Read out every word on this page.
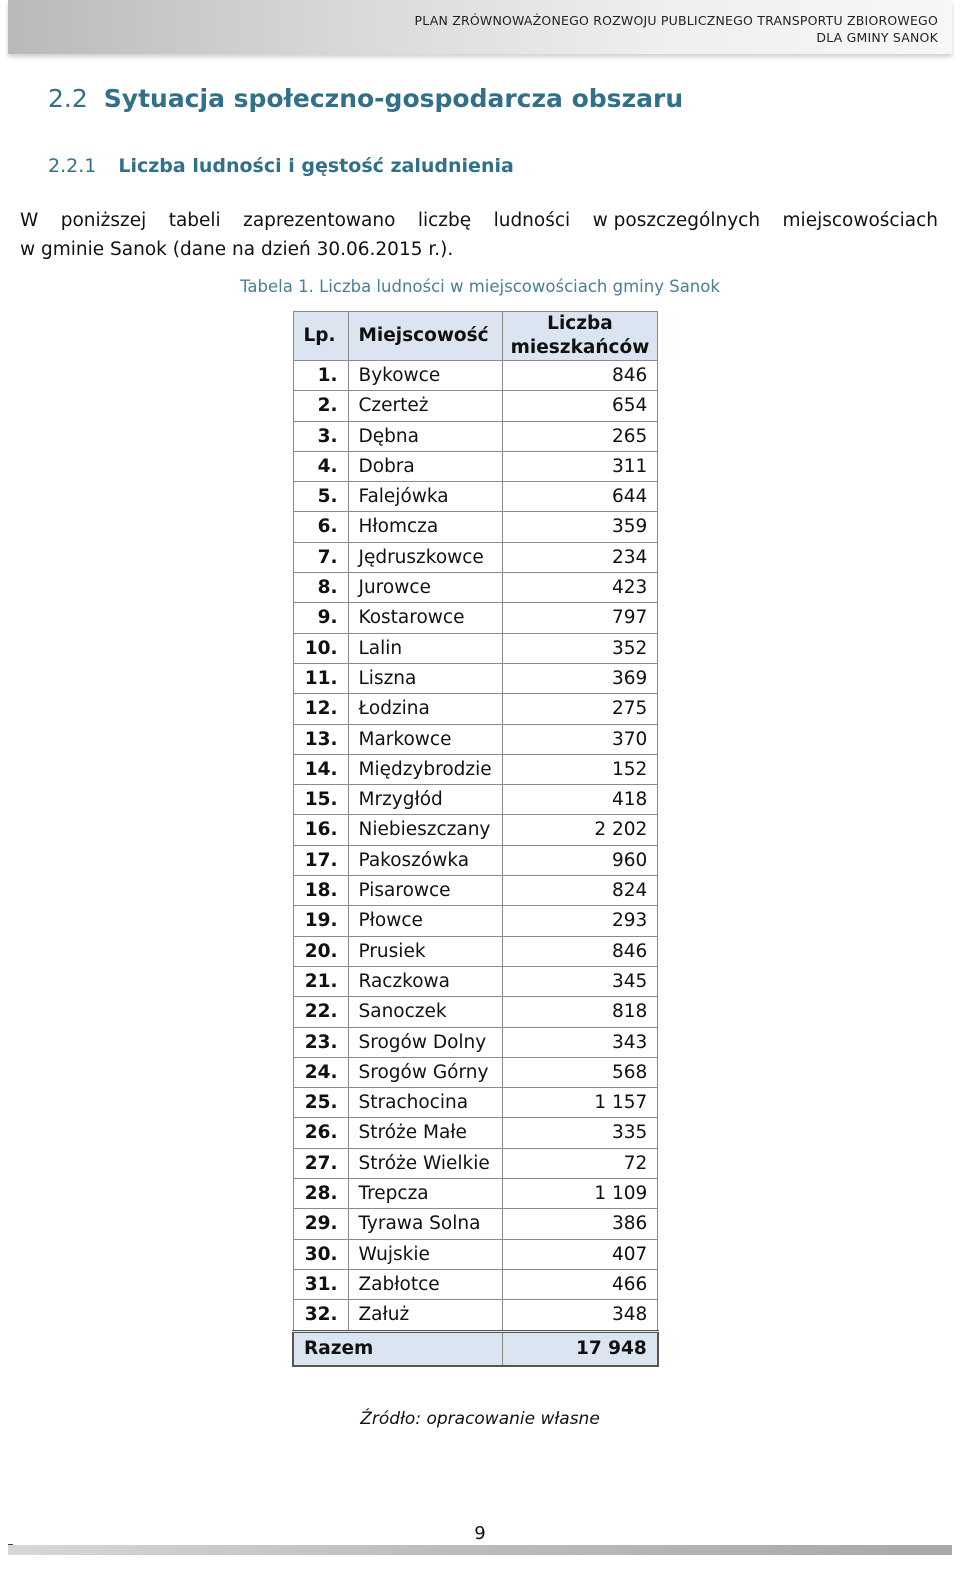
PLAN ZRÓWNOWAŻONEGO ROZWOJU PUBLICZNEGO TRANSPORTU ZBIOROWEGO
DLA GMINY SANOK
2.2 Sytuacja społeczno-gospodarcza obszaru
2.2.1 Liczba ludności i gęstość zaludnienia
W poniższej tabeli zaprezentowano liczbę ludności w poszczególnych miejscowościach
w gminie Sanok (dane na dzień 30.06.2015 r.).
Tabela 1. Liczba ludności w miejscowościach gminy Sanok
Lp.	Miejscowość	Liczba
mieszkańców

1.	Bykowce	846
2.	Czerteż	654
3.	Dębna	265
4.	Dobra	311
5.	Falejówka	644
6.	Hłomcza	359
7.	Jędruszkowce	234
8.	Jurowce	423
9.	Kostarowce	797
10.	Lalin	352
11.	Liszna	369
12.	Łodzina	275
13.	Markowce	370
14.	Międzybrodzie	152
15.	Mrzygłód	418
16.	Niebieszczany	2 202
17.	Pakoszówka	960
18.	Pisarowce	824
19.	Płowce	293
20.	Prusiek	846
21.	Raczkowa	345
22.	Sanoczek	818
23.	Srogów Dolny	343
24.	Srogów Górny	568
25.	Strachocina	1 157
26.	Stróże Małe	335
27.	Stróże Wielkie	72
28.	Trepcza	1 109
29.	Tyrawa Solna	386
30.	Wujskie	407
31.	Zabłotce	466
32.	Załuż	348
Razem		17 948
Źródło: opracowanie własne
9
